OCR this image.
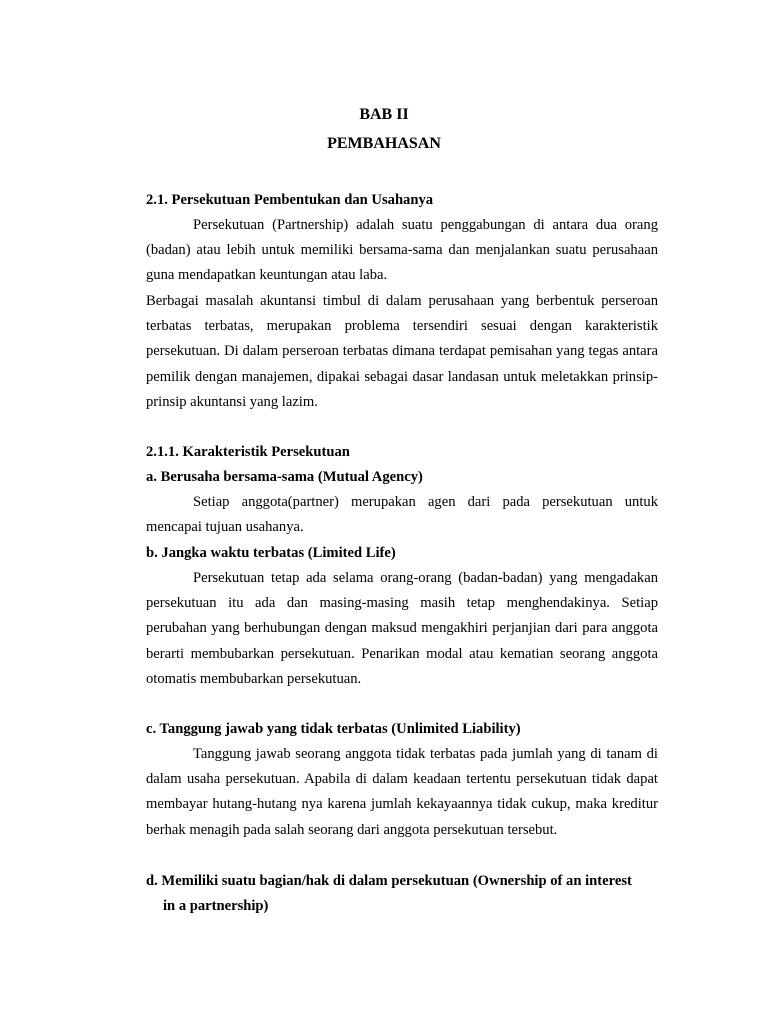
BAB II
PEMBAHASAN
2.1. Persekutuan Pembentukan dan Usahanya
Persekutuan (Partnership) adalah suatu penggabungan di antara dua orang (badan) atau lebih untuk memiliki bersama-sama dan menjalankan suatu perusahaan guna mendapatkan keuntungan atau laba.
Berbagai masalah akuntansi timbul di dalam perusahaan yang berbentuk perseroan terbatas terbatas, merupakan problema tersendiri sesuai dengan karakteristik persekutuan. Di dalam perseroan terbatas dimana terdapat pemisahan yang tegas antara pemilik dengan manajemen, dipakai sebagai dasar landasan untuk meletakkan prinsip-prinsip akuntansi yang lazim.
2.1.1. Karakteristik Persekutuan
a. Berusaha bersama-sama (Mutual Agency)
Setiap anggota(partner) merupakan agen dari pada persekutuan untuk mencapai tujuan usahanya.
b. Jangka waktu terbatas (Limited Life)
Persekutuan tetap ada selama orang-orang (badan-badan) yang mengadakan persekutuan itu ada dan masing-masing masih tetap menghendakinya. Setiap perubahan yang berhubungan dengan maksud mengakhiri perjanjian dari para anggota berarti membubarkan persekutuan. Penarikan modal atau kematian seorang anggota otomatis membubarkan persekutuan.
c. Tanggung jawab yang tidak terbatas (Unlimited Liability)
Tanggung jawab seorang anggota tidak terbatas pada jumlah yang di tanam di dalam usaha persekutuan. Apabila di dalam keadaan tertentu persekutuan tidak dapat membayar hutang-hutang nya karena jumlah kekayaannya tidak cukup, maka kreditur berhak menagih pada salah seorang dari anggota persekutuan tersebut.
d. Memiliki suatu bagian/hak di dalam persekutuan (Ownership of an interest in a partnership)
